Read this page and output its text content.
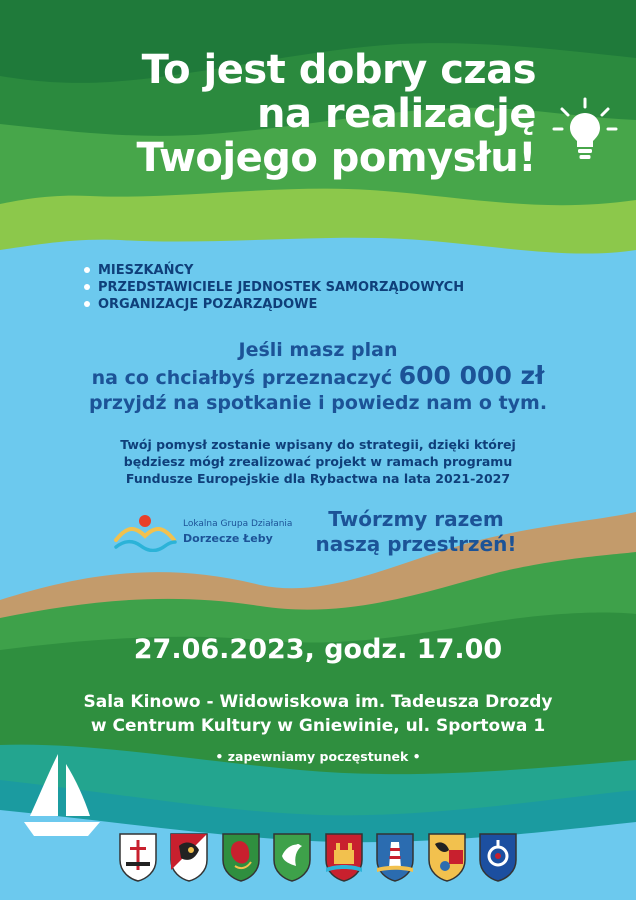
To jest dobry czas
na realizację
Twojego pomysłu!
MIESZKAŃCY
PRZEDSTAWICIELE JEDNOSTEK SAMORZĄDOWYCH
ORGANIZACJE POZARZĄDOWE
Jeśli masz plan
na co chciałbyś przeznaczyć 600 000 zł
przyjdź na spotkanie i powiedz nam o tym.
Twój pomysł zostanie wpisany do strategii, dzięki której
będziesz mógł zrealizować projekt w ramach programu
Fundusze Europejskie dla Rybactwa na lata 2021-2027
Lokalna Grupa Działania
Dorzecze Łeby
Twórzmy razem
naszą przestrzeń!
27.06.2023, godz. 17.00
Sala Kinowo - Widowiskowa im. Tadeusza Drozdy
w Centrum Kultury w Gniewinie, ul. Sportowa 1
• zapewniamy poczęstunek •
